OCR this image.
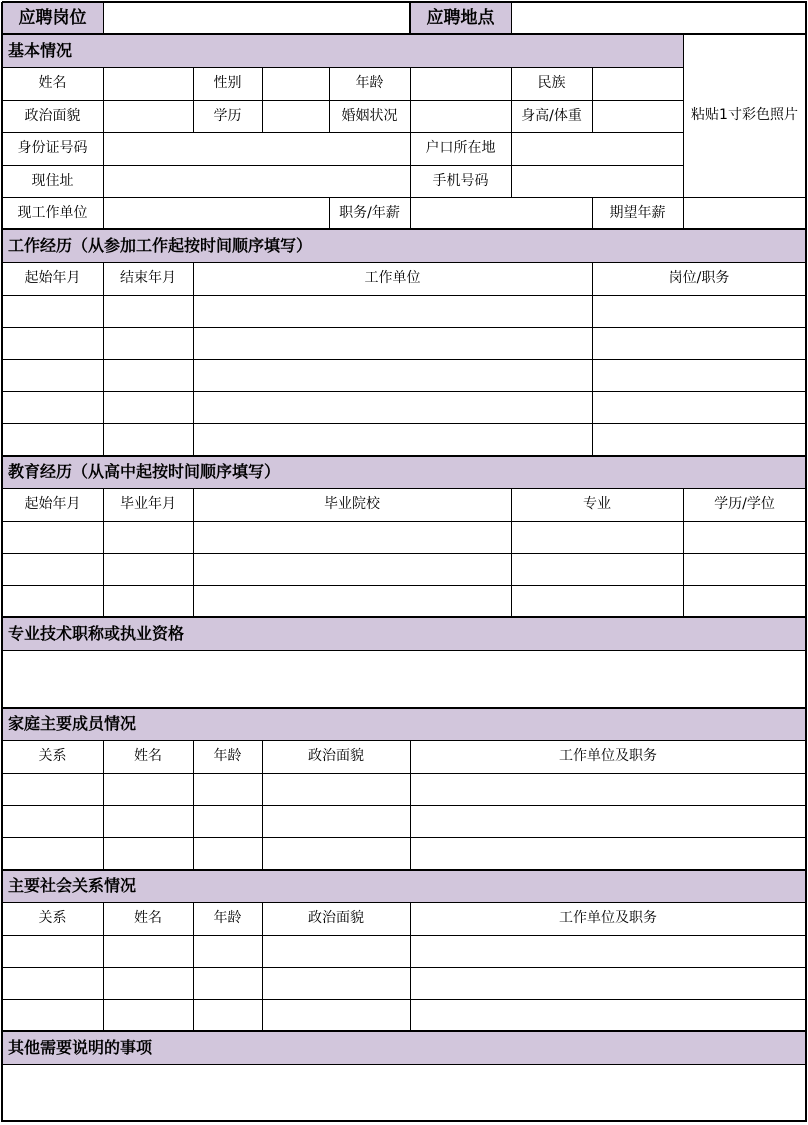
应聘岗位	应聘地点
基本情况
姓名	性别	年龄	民族
政治面貌	学历	婚姻状况	身高/体重	粘贴1寸彩色照片
身份证号码	户口所在地
现住址	手机号码
现工作单位	职务/年薪	期望年薪
工作经历（从参加工作起按时间顺序填写）
起始年月	结束年月	工作单位	岗位/职务
教育经历（从高中起按时间顺序填写）
起始年月	毕业年月	毕业院校	专业	学历/学位
专业技术职称或执业资格
家庭主要成员情况
关系	姓名	年龄	政治面貌	工作单位及职务
主要社会关系情况
关系	姓名	年龄	政治面貌	工作单位及职务
其他需要说明的事项
